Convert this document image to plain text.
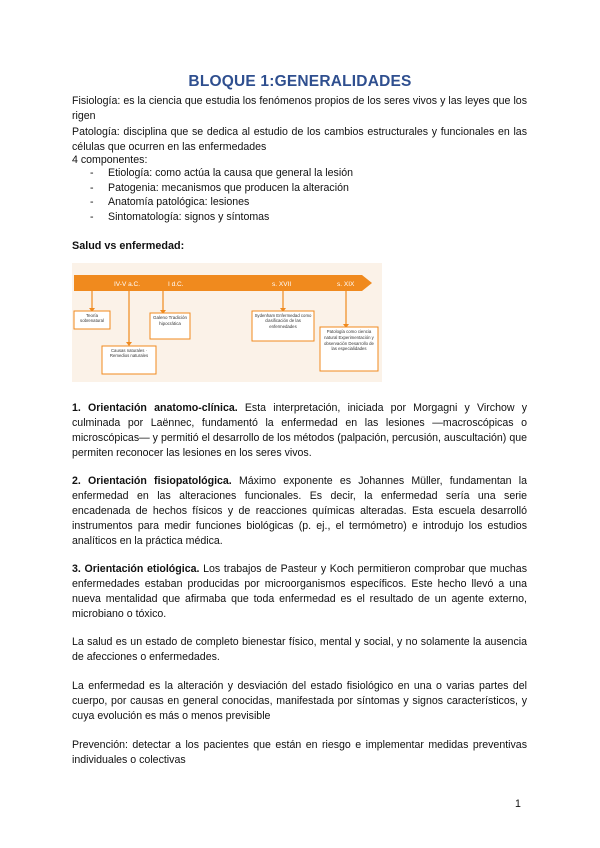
BLOQUE 1:GENERALIDADES

Fisiología: es la ciencia que estudia los fenómenos propios de los seres vivos y las leyes que los rigen

Patología: disciplina que se dedica al estudio de los cambios estructurales y funcionales en las células que ocurren en las enfermedades

4 componentes:

- Etiología: como actúa la causa que general la lesión
- Patogenia: mecanismos que producen la alteración
- Anatomía patológica: lesiones
- Sintomatología: signos y síntomas
Salud vs enfermedad:
IV-V a.C.	I d.C.	s. XVII	s. XIX
Teoría sobrenatural
Causas naturales · Remedios naturales
Galeno Tradición hipocrática
Sydenham Enfermedad como clasificación de las enfermedades
Patología como ciencia natural Experimentación y observación Desarrollo de las especialidades

1. Orientación anatomo-clínica. Esta interpretación, iniciada por Morgagni y Virchow y culminada por Laënnec, fundamentó la enfermedad en las lesiones —macroscópicas o microscópicas— y permitió el desarrollo de los métodos (palpación, percusión, auscultación) que permiten reconocer las lesiones en los seres vivos.

2. Orientación fisiopatológica. Máximo exponente es Johannes Müller, fundamentan la enfermedad en las alteraciones funcionales. Es decir, la enfermedad sería una serie encadenada de hechos físicos y de reacciones químicas alteradas. Esta escuela desarrolló instrumentos para medir funciones biológicas (p. ej., el termómetro) e introdujo los estudios analíticos en la práctica médica.

3. Orientación etiológica. Los trabajos de Pasteur y Koch permitieron comprobar que muchas enfermedades estaban producidas por microorganismos específicos. Este hecho llevó a una nueva mentalidad que afirmaba que toda enfermedad es el resultado de un agente externo, microbiano o tóxico.

La salud es un estado de completo bienestar físico, mental y social, y no solamente la ausencia de afecciones o enfermedades.

La enfermedad es la alteración y desviación del estado fisiológico en una o varias partes del cuerpo, por causas en general conocidas, manifestada por síntomas y signos característicos, y cuya evolución es más o menos previsible

Prevención: detectar a los pacientes que están en riesgo e implementar medidas preventivas individuales o colectivas

1
